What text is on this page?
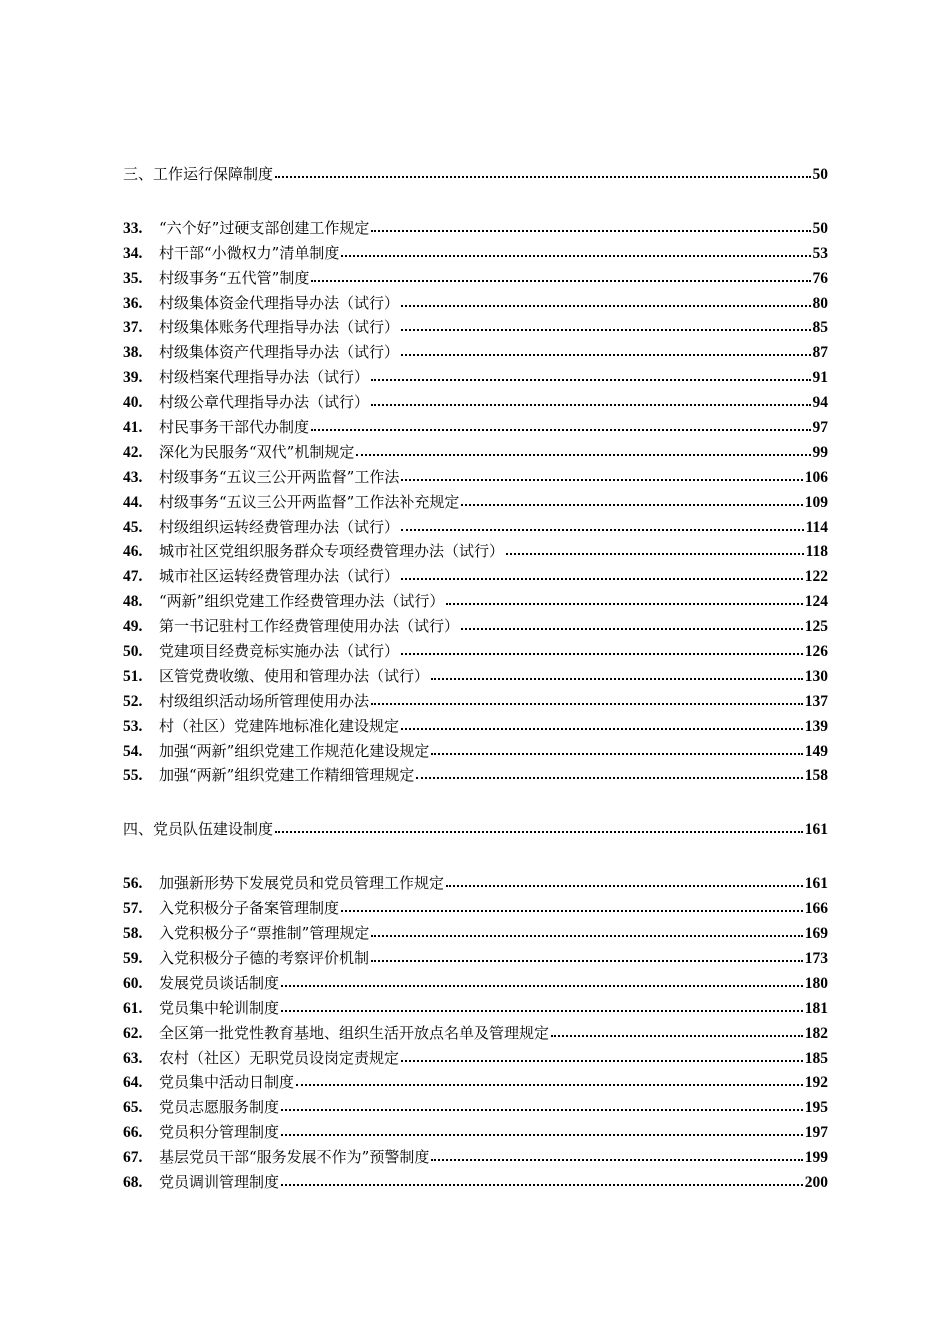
三、工作运行保障制度	50
33.	“六个好”过硬支部创建工作规定	50
34.	村干部“小微权力”清单制度	53
35.	村级事务“五代管”制度	76
36.	村级集体资金代理指导办法（试行）	80
37.	村级集体账务代理指导办法（试行）	85
38.	村级集体资产代理指导办法（试行）	87
39.	村级档案代理指导办法（试行）	91
40.	村级公章代理指导办法（试行）	94
41.	村民事务干部代办制度	97
42.	深化为民服务“双代”机制规定	99
43.	村级事务“五议三公开两监督”工作法	106
44.	村级事务“五议三公开两监督”工作法补充规定	109
45.	村级组织运转经费管理办法（试行）	114
46.	城市社区党组织服务群众专项经费管理办法（试行）	118
47.	城市社区运转经费管理办法（试行）	122
48.	“两新”组织党建工作经费管理办法（试行）	124
49.	第一书记驻村工作经费管理使用办法（试行）	125
50.	党建项目经费竞标实施办法（试行）	126
51.	区管党费收缴、使用和管理办法（试行）	130
52.	村级组织活动场所管理使用办法	137
53.	村（社区）党建阵地标准化建设规定	139
54.	加强“两新”组织党建工作规范化建设规定	149
55.	加强“两新”组织党建工作精细管理规定	158
四、党员队伍建设制度	161
56.	加强新形势下发展党员和党员管理工作规定	161
57.	入党积极分子备案管理制度	166
58.	入党积极分子“票推制”管理规定	169
59.	入党积极分子德的考察评价机制	173
60.	发展党员谈话制度	180
61.	党员集中轮训制度	181
62.	全区第一批党性教育基地、组织生活开放点名单及管理规定	182
63.	农村（社区）无职党员设岗定责规定	185
64.	党员集中活动日制度	192
65.	党员志愿服务制度	195
66.	党员积分管理制度	197
67.	基层党员干部“服务发展不作为”预警制度	199
68.	党员调训管理制度	200
